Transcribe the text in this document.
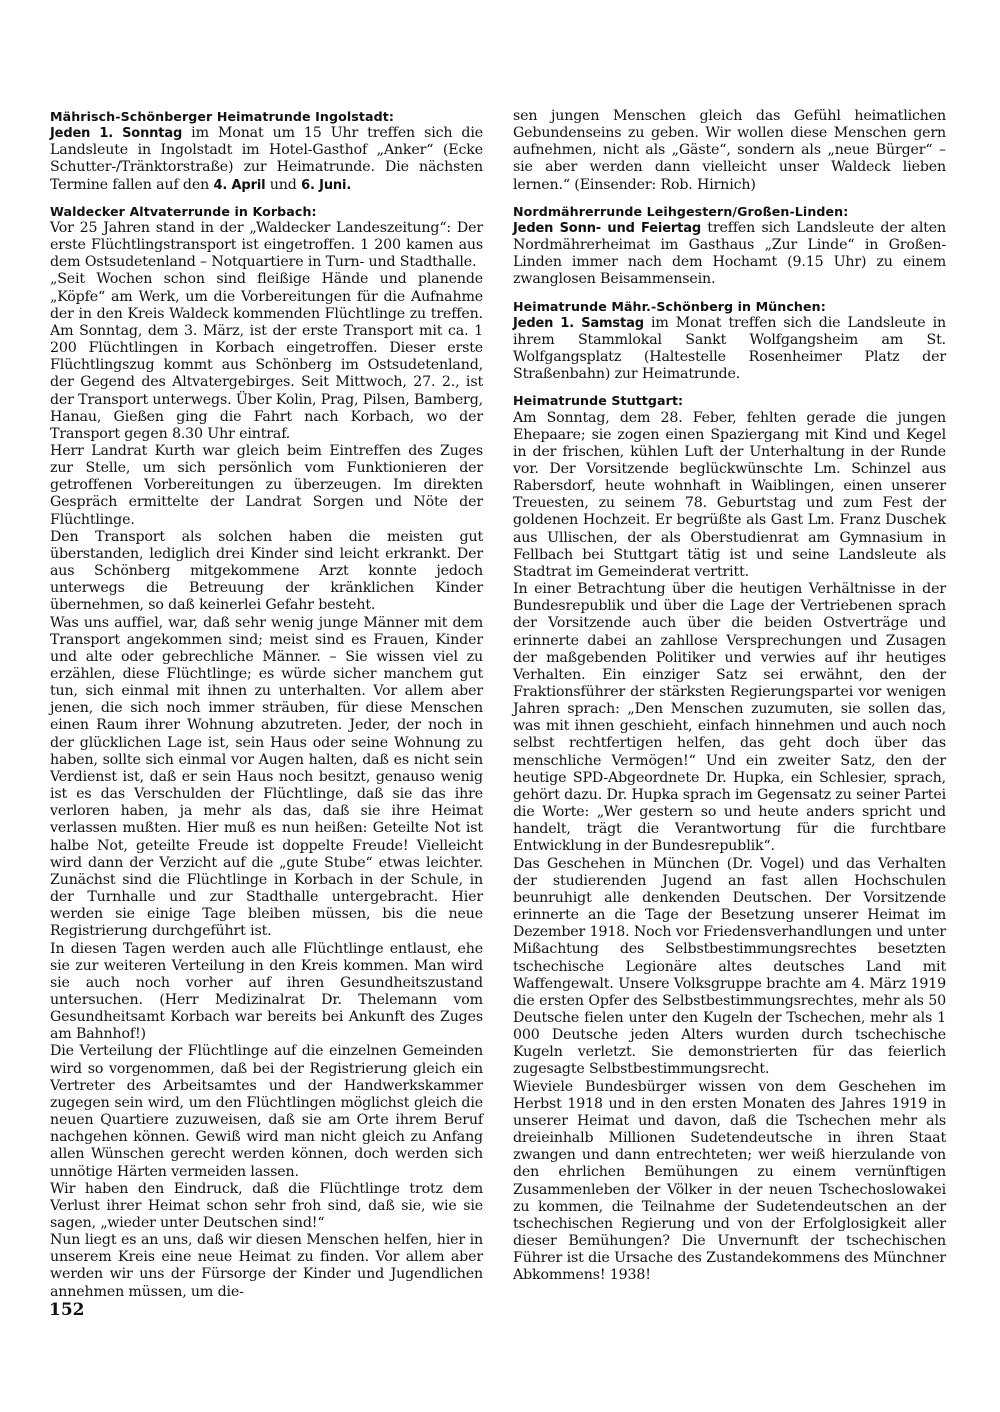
Mährisch-Schönberger Heimatrunde Ingolstadt:

Jeden 1. Sonntag im Monat um 15 Uhr treffen sich die Landsleute in Ingolstadt im Hotel-Gasthof „Anker“ (Ecke Schutter-/Tränktorstraße) zur Heimatrunde. Die nächsten Termine fallen auf den 4. April und 6. Juni.

Waldecker Altvaterrunde in Korbach:

Vor 25 Jahren stand in der „Waldecker Landeszeitung“: Der erste Flüchtlingstransport ist eingetroffen. 1 200 kamen aus dem Ostsudetenland – Notquartiere in Turn- und Stadthalle.

„Seit Wochen schon sind fleißige Hände und planende „Köpfe“ am Werk, um die Vorbereitungen für die Aufnahme der in den Kreis Waldeck kommenden Flüchtlinge zu treffen. Am Sonntag, dem 3. März, ist der erste Transport mit ca. 1 200 Flüchtlingen in Korbach eingetroffen. Dieser erste Flüchtlingszug kommt aus Schönberg im Ostsudetenland, der Gegend des Altvatergebirges. Seit Mittwoch, 27. 2., ist der Transport unterwegs. Über Kolin, Prag, Pilsen, Bamberg, Hanau, Gießen ging die Fahrt nach Korbach, wo der Transport gegen 8.30 Uhr eintraf.

Herr Landrat Kurth war gleich beim Eintreffen des Zuges zur Stelle, um sich persönlich vom Funktionieren der getroffenen Vorbereitungen zu überzeugen. Im direkten Gespräch ermittelte der Landrat Sorgen und Nöte der Flüchtlinge.

Den Transport als solchen haben die meisten gut überstanden, lediglich drei Kinder sind leicht erkrankt. Der aus Schönberg mitgekommene Arzt konnte jedoch unterwegs die Betreuung der kränklichen Kinder übernehmen, so daß keinerlei Gefahr besteht.

Was uns auffiel, war, daß sehr wenig junge Männer mit dem Transport angekommen sind; meist sind es Frauen, Kinder und alte oder gebrechliche Männer. – Sie wissen viel zu erzählen, diese Flüchtlinge; es würde sicher manchem gut tun, sich einmal mit ihnen zu unterhalten. Vor allem aber jenen, die sich noch immer sträuben, für diese Menschen einen Raum ihrer Wohnung abzutreten. Jeder, der noch in der glücklichen Lage ist, sein Haus oder seine Wohnung zu haben, sollte sich einmal vor Augen halten, daß es nicht sein Verdienst ist, daß er sein Haus noch besitzt, genauso wenig ist es das Verschulden der Flüchtlinge, daß sie das ihre verloren haben, ja mehr als das, daß sie ihre Heimat verlassen mußten. Hier muß es nun heißen: Geteilte Not ist halbe Not, geteilte Freude ist doppelte Freude! Vielleicht wird dann der Verzicht auf die „gute Stube“ etwas leichter. Zunächst sind die Flüchtlinge in Korbach in der Schule, in der Turnhalle und zur Stadthalle untergebracht. Hier werden sie einige Tage bleiben müssen, bis die neue Registrierung durchgeführt ist.

In diesen Tagen werden auch alle Flüchtlinge entlaust, ehe sie zur weiteren Verteilung in den Kreis kommen. Man wird sie auch noch vorher auf ihren Gesundheitszustand untersuchen. (Herr Medizinalrat Dr. Thelemann vom Gesundheitsamt Korbach war bereits bei Ankunft des Zuges am Bahnhof!)

Die Verteilung der Flüchtlinge auf die einzelnen Gemeinden wird so vorgenommen, daß bei der Registrierung gleich ein Vertreter des Arbeitsamtes und der Handwerkskammer zugegen sein wird, um den Flüchtlingen möglichst gleich die neuen Quartiere zuzuweisen, daß sie am Orte ihrem Beruf nachgehen können. Gewiß wird man nicht gleich zu Anfang allen Wünschen gerecht werden können, doch werden sich unnötige Härten vermeiden lassen.

Wir haben den Eindruck, daß die Flüchtlinge trotz dem Verlust ihrer Heimat schon sehr froh sind, daß sie, wie sie sagen, „wieder unter Deutschen sind!“

Nun liegt es an uns, daß wir diesen Menschen helfen, hier in unserem Kreis eine neue Heimat zu finden. Vor allem aber werden wir uns der Fürsorge der Kinder und Jugendlichen annehmen müssen, um die-

sen jungen Menschen gleich das Gefühl heimatlichen Gebundenseins zu geben. Wir wollen diese Menschen gern aufnehmen, nicht als „Gäste“, sondern als „neue Bürger“ – sie aber werden dann vielleicht unser Waldeck lieben lernen.“ (Einsender: Rob. Hirnich)

Nordmährerrunde Leihgestern/Großen-Linden:

Jeden Sonn- und Feiertag treffen sich Landsleute der alten Nordmährerheimat im Gasthaus „Zur Linde“ in Großen-Linden immer nach dem Hochamt (9.15 Uhr) zu einem zwanglosen Beisammensein.

Heimatrunde Mähr.-Schönberg in München:

Jeden 1. Samstag im Monat treffen sich die Landsleute in ihrem Stammlokal Sankt Wolfgangsheim am St. Wolfgangsplatz (Haltestelle Rosenheimer Platz der Straßenbahn) zur Heimatrunde.

Heimatrunde Stuttgart:

Am Sonntag, dem 28. Feber, fehlten gerade die jungen Ehepaare; sie zogen einen Spaziergang mit Kind und Kegel in der frischen, kühlen Luft der Unterhaltung in der Runde vor. Der Vorsitzende beglückwünschte Lm. Schinzel aus Rabersdorf, heute wohnhaft in Waiblingen, einen unserer Treuesten, zu seinem 78. Geburtstag und zum Fest der goldenen Hochzeit. Er begrüßte als Gast Lm. Franz Duschek aus Ullischen, der als Oberstudienrat am Gymnasium in Fellbach bei Stuttgart tätig ist und seine Landsleute als Stadtrat im Gemeinderat vertritt.

In einer Betrachtung über die heutigen Verhältnisse in der Bundesrepublik und über die Lage der Vertriebenen sprach der Vorsitzende auch über die beiden Ostverträge und erinnerte dabei an zahllose Versprechungen und Zusagen der maßgebenden Politiker und verwies auf ihr heutiges Verhalten. Ein einziger Satz sei erwähnt, den der Fraktionsführer der stärksten Regierungspartei vor wenigen Jahren sprach: „Den Menschen zuzumuten, sie sollen das, was mit ihnen geschieht, einfach hinnehmen und auch noch selbst rechtfertigen helfen, das geht doch über das menschliche Vermögen!“ Und ein zweiter Satz, den der heutige SPD-Abgeordnete Dr. Hupka, ein Schlesier, sprach, gehört dazu. Dr. Hupka sprach im Gegensatz zu seiner Partei die Worte: „Wer gestern so und heute anders spricht und handelt, trägt die Verantwortung für die furchtbare Entwicklung in der Bundesrepublik“.

Das Geschehen in München (Dr. Vogel) und das Verhalten der studierenden Jugend an fast allen Hochschulen beunruhigt alle denkenden Deutschen. Der Vorsitzende erinnerte an die Tage der Besetzung unserer Heimat im Dezember 1918. Noch vor Friedensverhandlungen und unter Mißachtung des Selbstbestimmungsrechtes besetzten tschechische Legionäre altes deutsches Land mit Waffengewalt. Unsere Volksgruppe brachte am 4. März 1919 die ersten Opfer des Selbstbestimmungsrechtes, mehr als 50 Deutsche fielen unter den Kugeln der Tschechen, mehr als 1 000 Deutsche jeden Alters wurden durch tschechische Kugeln verletzt. Sie demonstrierten für das feierlich zugesagte Selbstbestimmungsrecht.

Wieviele Bundesbürger wissen von dem Geschehen im Herbst 1918 und in den ersten Monaten des Jahres 1919 in unserer Heimat und davon, daß die Tschechen mehr als dreieinhalb Millionen Sudetendeutsche in ihren Staat zwangen und dann entrechteten; wer weiß hierzulande von den ehrlichen Bemühungen zu einem vernünftigen Zusammenleben der Völker in der neuen Tschechoslowakei zu kommen, die Teilnahme der Sudetendeutschen an der tschechischen Regierung und von der Erfolglosigkeit aller dieser Bemühungen? Die Unvernunft der tschechischen Führer ist die Ursache des Zustandekommens des Münchner Abkommens! 1938!

152
